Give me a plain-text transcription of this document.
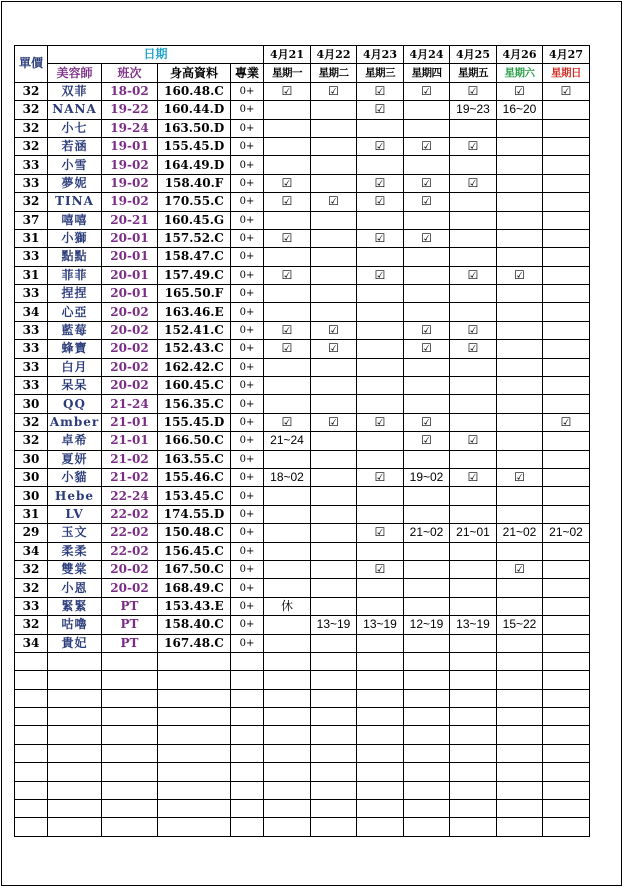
單價	日期				4月21	4月22	4月23	4月24	4月25	4月26	4月27
	美容師	班次	身高資料	專業	星期一	星期二	星期三	星期四	星期五	星期六	星期日
32	双菲	18-02	160.48.C	0+	☑	☑	☑	☑	☑	☑	☑
32	NANA	19-22	160.44.D	0+			☑		19~23	16~20	
32	小七	19-24	163.50.D	0+							
32	若涵	19-01	155.45.D	0+			☑	☑	☑		
33	小雪	19-02	164.49.D	0+							
33	夢妮	19-02	158.40.F	0+	☑		☑	☑	☑		
32	TINA	19-02	170.55.C	0+	☑	☑	☑	☑			
37	嘻嘻	20-21	160.45.G	0+							
31	小獅	20-01	157.52.C	0+	☑		☑	☑			
33	點點	20-01	158.47.C	0+							
31	菲菲	20-01	157.49.C	0+	☑		☑		☑	☑	
33	捏捏	20-01	165.50.F	0+							
34	心亞	20-02	163.46.E	0+							
33	藍莓	20-02	152.41.C	0+	☑	☑		☑	☑		
33	蜂寶	20-02	152.43.C	0+	☑	☑		☑	☑		
33	白月	20-02	162.42.C	0+							
33	呆呆	20-02	160.45.C	0+							
30	QQ	21-24	156.35.C	0+							
32	Amber	21-01	155.45.D	0+	☑	☑	☑	☑			☑
32	卓希	21-01	166.50.C	0+	21~24			☑	☑		
30	夏妍	21-02	163.55.C	0+							
30	小貓	21-02	155.46.C	0+	18~02		☑	19~02	☑	☑	
30	Hebe	22-24	153.45.C	0+							
31	LV	22-02	174.55.D	0+							
29	玉文	22-02	150.48.C	0+			☑	21~02	21~01	21~02	21~02
34	柔柔	22-02	156.45.C	0+							
32	雙棠	20-02	167.50.C	0+			☑			☑	
32	小恩	20-02	168.49.C	0+							
33	緊緊	PT	153.43.E	0+	休						
32	咕嚕	PT	158.40.C	0+		13~19	13~19	12~19	13~19	15~22	
34	貴妃	PT	167.48.C	0+							
